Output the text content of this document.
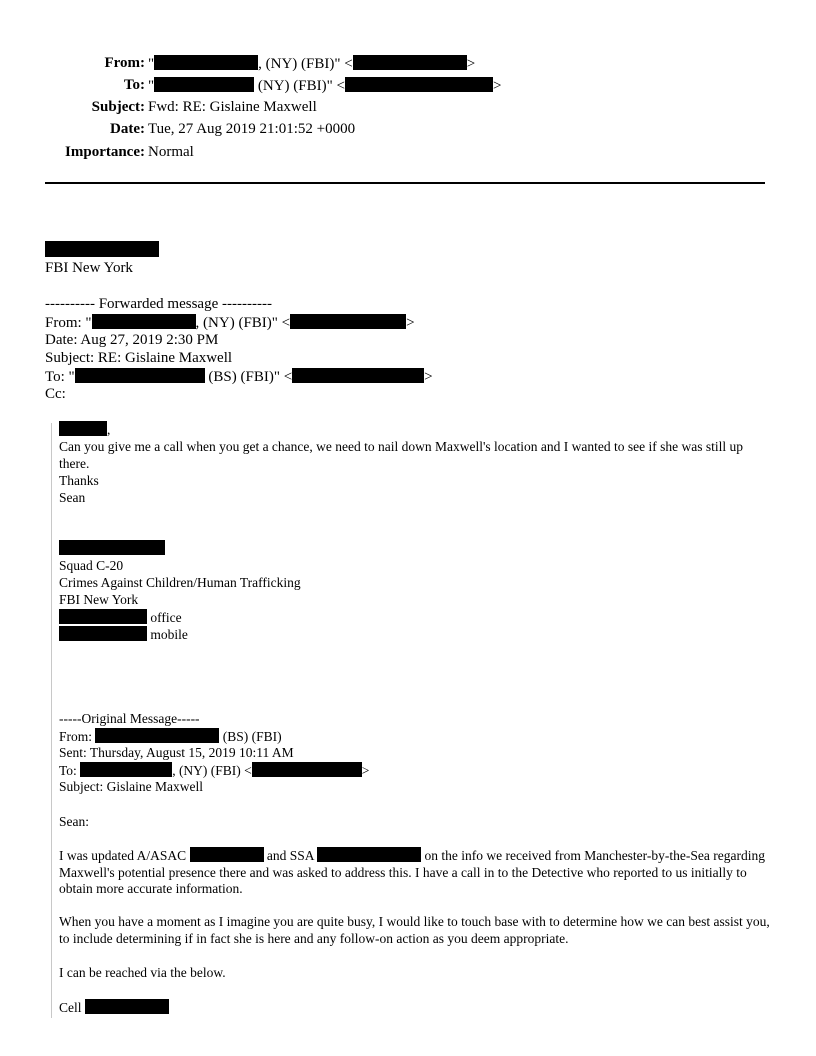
From: "	, (NY) (FBI)" <	>
To: "	(NY) (FBI)" <	>
Subject: Fwd: RE: Gislaine Maxwell
Date: Tue, 27 Aug 2019 21:01:52 +0000
Importance: Normal
FBI New York
---------- Forwarded message ----------
From: "	, (NY) (FBI)" <	>
Date: Aug 27, 2019 2:30 PM
Subject: RE: Gislaine Maxwell
To: "	(BS) (FBI)" <	>
Cc:
,
Can you give me a call when you get a chance, we need to nail down Maxwell's location and I wanted to see if she was still up there.
Thanks
Sean
Squad C-20
Crimes Against Children/Human Trafficking
FBI New York
office
mobile
-----Original Message-----
From:	(BS) (FBI)
Sent: Thursday, August 15, 2019 10:11 AM
To:	, (NY) (FBI) <	>
Subject: Gislaine Maxwell
Sean:
I was updated A/ASAC	and SSA	on the info we received from Manchester-by-the-Sea regarding Maxwell's potential presence there and was asked to address this. I have a call in to the Detective who reported to us initially to obtain more accurate information.
When you have a moment as I imagine you are quite busy, I would like to touch base with to determine how we can best assist you, to include determining if in fact she is here and any follow-on action as you deem appropriate.
I can be reached via the below.
Cell
